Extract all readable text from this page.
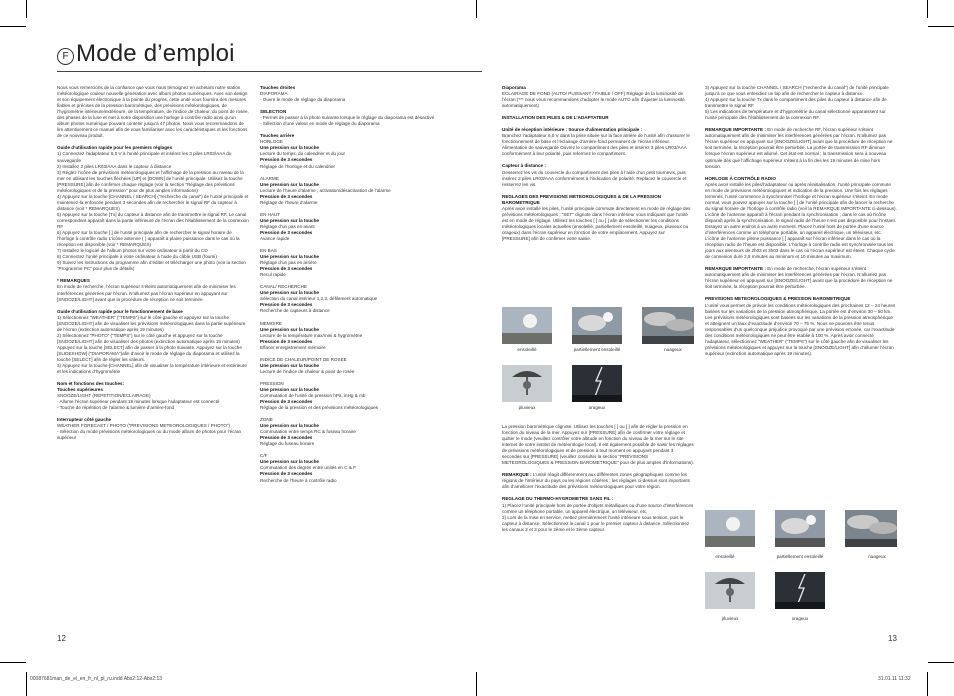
F Mode d’emploi

Nous vous remercions de la confiance que vous nous témoignez en achetant notre station météorologique couleur nouvelle génération avec album photos numériques. Avec son design et son équipement électronique à la pointe du progrès, cette unité vous fournira des mesures fiables et précises de la pression barométrique, des prévisions météorologiques, de l’hygrométrie intérieure/extérieure, de la température, de l’indice de chaleur, du point de rosée, des phases de la lune et met à votre disposition une horloge à contrôle radio ainsi qu’un album photos numérique pouvant contenir jusqu’à 47 photos. Nous vous recommandons de lire attentivement ce manuel afin de vous familiariser avec les caractéristiques et les fonctions de ce nouveau produit.

Guide d’utilisation rapide pour les premiers réglages
1) Connectez l’adaptateur 6,0 V à l’unité principale et insérez les 3 piles LR03/AAA du sauvegarde
2) Installez 2 piles LR03/AAA dans le capteur à distance
3) Réglez l’icône de prévisions météorologiques et l’affichage de la pression au niveau de la mer en utilisant les touches fléchées [UP] et [DOWN] de l’unité principale. Utilisez la touche [PRESSURE] afin de confirmer chaque réglage (voir la section “Réglage des prévisions météorologiques et de la pression” pour de plus amples informations)
4) Appuyez sur la touche [CHANNEL / SEARCH] (“recherche du canal”) de l’unité principale et maintenez-la enfoncée pendant 3 secondes afin de rechercher le signal RF du capteur à distance (voir * REMARQUES)
5) Appuyez sur la touche [Tx] du capteur à distance afin de transmettre le signal RF. Le canal correspondant apparaît dans la partie inférieure de l’écran dès l’établissement de la connexion RF
6) Appuyez sur la touche [ ] de l’unité principale afin de rechercher le signal horaire de l’horloge à contrôle radio L’icône antenne ( ) apparaît à plaine puissance dans le cas où la réception est disponible (voir * REMARQUES)
7) Installez le logiciel de l’album photos sur votre ordinateur à partir du CD
8) Connectez l’unité principale à votre ordinateur à l’aide du câble USB (fourni)
9) Suivez les instructions du programme afin d’éditer et télécharger une photo (voir la section “Programme PC” pour plus de détails)
* REMARQUES

En mode de recherche, l’écran supérieur s’éteint automatiquement afin de minimiser les interférences générées par l’écran. N’allumez pas l’écran supérieur en appuyant sur [SNOOZE/LIGHT] avant que la procédure de réception ne soit terminée.

Guide d’utilisation rapide pour le fonctionnement de base
1) Sélectionnez “WEATHER” (“TEMPS”) sur le côté gauche et appuyez sur la touche [SNOOZE/LIGHT] afin de visualiser les prévisions météorologiques dans la partie supérieure de l’écran (extinction automatique après 19 minutes)
2) Sélectionnez “PHOTO” (“TEMPS”) sur le côté gauche et appuyez sur la touche [SNOOZE/LIGHT] afin de visualiser des photos (extinction automatique après 19 minutes) Appuyez sur la touche [SELECT] afin de passer à la photo suivante. Appuyez sur la touche [SLIDESHOW] (“DIAPORAMA”)afin d’avoir le mode de réglage du diaporama et utilisez la touche [SELECT] afin de régler les valeurs.
3) Appuyez sur la touche [CHANNEL] afin de visualiser la température intérieure et extérieure et les indications d’hygrométrie
Nom et fonctions des touches:
Touches supérieures
SNOOZE/LIGHT (REPETITION/ECLAIRAGE)
- Allume l’écran supérieur pendant 19 minutes lorsque l’adaptateur est connecté
- Touche de répétition de l’alarme & lumière d’arrière-fond
Interrupteur côté gauche
WEATHER FORECAST / PHOTO (“PREVISIONS METEOROLOGIQUES / PHOTO”)
- Sélection du mode prévisions météorologiques ou du mode album de photos pour l’écran supérieur
Touches droites
DIAPORAMA
- Ouvre le mode de réglage du diaporama
SELECTION
- Permet de passer à la photo suivante lorsque le réglage du diaporama est désactivé
- Sélection d’une valeur en mode de réglage du diaporama
Touches arrière
HORLOGE
Une pression sur la touche
Lecture du temps, du calendrier et du jour
Pression de 3 secondes
Réglage de l’horloge et du calendrier
ALARME
Une pression sur la touche
Lecture de l’heure d’alarme ; activation/désactivation de l’alarme
Pression de 3 secondes
Réglage de l’heure d’alarme
EN HAUT
Une pression sur la touche
Réglage d’un pas en avant
Pression de 3 secondes
Avance rapide
EN BAS
Une pression sur la touche
Réglage d’un pas en arrière
Pression de 3 secondes
Recul rapide
CANAL/ RECHERCHE
Une pression sur la touche
Sélection du canal intérieur 1,2,3, défilement automatique
Pression de 3 secondes
Recherche de capteurs à distance
MEMOIRE
Une pression sur la touche
Lecture de la température max/mini & hygrométrie
Pression de 3 secondes
Effacer enregistrement mémoire
INDICE DE CHALEUR/POINT DE ROSEE
Une pression sur la touche
Lecture de l’indice de chaleur & point de rosée
PRESSION
Une pression sur la touche
Commutation de l’unité de pression hPa, inHg & mb
Pression de 3 secondes
Réglage de la pression et des prévisions météorologiques
ZONE
Une pression sur la touche
Commutation entre temps RC & fuseau horaire
Pression de 3 secondes
Réglage du fuseau horaire
C/F
Une pression sur la touche
Commutation des degrés entre unités en C & F
Pression de 3 secondes
Recherche de l’heure à contrôle radio
Diaporama

ECLAIRAGE DE FOND (AUTO/ PUISSANT / FAIBLE / OFF) Réglage de la luminosité de l’écran (*** nous vous recommandons d’adopter le mode AUTO afin d’ajuster la luminosité automatiquement)

INSTALLATION DES PILES & DE L’ADAPTATEUR
Unité de réception intérieure : Source d’alimentation principale :

Branchez l’adaptateur 6,0 V dans la prise située sur la face arrière de l’unité afin d’assurer le fonctionnement de base et l’éclairage d’arrière-fond permanent de l’écran inférieur. Alimentation de sauvegarde Ouvrez le compartiment des piles et insérez 3 piles LR03/AAA conformément à leur polarité, puis refermez le compartiment.

Capteur à distance :

Desserrez les vis du couvercle du compartiment des piles à l’aide d’un petit tournevis, puis insérez 2 piles LR03/AAA conformément à l’indication de polarité. Replacez le couvercle et resserrez les vis.

REGLAGES DES PREVISIONS METEOROLOGIQUES & DE LA PRESSION BAROMETRIQUE

Après avoir installé les piles, l’unité principale commute directement en mode de réglage des prévisions météorologiques ; “SET” clignote dans l’écran inférieur vous indiquant que l’unité est en mode de réglage. Utilisez les touches [ ] ou [ ] afin de sélectionner les conditions météorologiques locales actuelles (ensoleillé, partiellement ensoleillé, nuageux, pluvieux ou orageux) dans l’écran supérieur en fonction de votre emplacement. Appuyez sur [PRESSURE] afin de confirmer votre saisie.

ensoleillé	partiellement ensoleillé	nuageux
pluvieux	orageux

La pression barométrique clignote. Utilisez les touches [ ] ou [ ] afin de régler la pression en fonction du niveau de la mer. Appuyez sur [PRESSURE] afin de confirmer votre réglage et quitter le mode (veuillez contrôler votre altitude en fonction du niveau de la mer sur le site internet de votre institut de météorologie local). Il est également possible de saisir les réglages de prévisions météorologiques et de pression à tout moment en appuyant pendant 3 secondes sur [PRESSURE] (veuillez consulter la section “PREVISIONS METEOROLOGIQUES & PRESSION BAROMETRIQUE” pour de plus amples d’informations).

REMARQUE : L’unité réagit différemment aux différentes zones géographiques comme les régions de l’intérieur du pays ou les régions côtières ; les réglages ci-dessus sont importants afin d’améliorer l’exactitude des prévisions météorologiques pour votre région.
REGLAGE DU THERMO-HYGROMETRE SANS FIL :
1) Placez l’unité principale hors de portée d’objets métalliques ou d’une source d’interférences comme un téléphone portable, un appareil électrique, un téléviseur, etc.
2) Lors de la mise en service, mettez premièrement l’unité intérieure sous tension, puis le capteur à distance. Sélectionnez le canal 1 pour le premier capteur à distance. Sélectionnez les canaux 2 et 3 pour le 2ème et le 3ème capteur.
3) Appuyez sur la touche CHANNEL / SEARCH (“recherche du canal”) de l’unité principale jusqu’à ce que vous entendiez un bip afin de rechercher le capteur à distance.
4) Appuyez sur la touche Tx dans le compartiment des piles du capteur à distance afin de transmettre le signal RF.
5) Les indications de température et d’hygrométrie du canal sélectionné apparaissent sur l’unité principale dès l’établissement de la connexion RF.

REMARQUE IMPORTANTE : En mode de recherche RF, l’écran supérieur s’éteint automatiquement afin de minimiser les interférences générées par l’écran. N’allumez pas l’écran supérieur en appuyant sur [SNOOZE/LIGHT] avant que la procédure de réception ne soit terminée, la réception pourrait être perturbée. La portée de transmission RF diminue lorsque l’écran supérieur est allumé. Cet état est normal ; la transmission sera à nouveau optimale dès que l’affichage supérieur s’éteint à la fin des les 19 minutes de mise hors tension.

HORLOGE À CONTRÔLE RADIO

Après avoir installé les piles/l’adaptateur ou après réinitialisation, l’unité principale commute en mode de prévisions météorologiques et indication de la pression. Une fois les réglages terminés, l’unité commence à synchroniser l’horloge et l’écran supérieur s’éteint. En mode normal, vous pouvez appuyer sur la touche [ ] de l’unité principale afin de lancer la recherche du signal horaire de l’horloge à contrôle radio (voir la REMARQUE IMPORTANTE ci-dessous). L’icône de l’antenne apparaît à l’écran pendant la synchronisation ; dans le cas où l’icône disparaît après la synchronisation, le signal radio de l’heure n’est pas disponible pour l’instant. Essayez un autre endroit à un autre moment. Placez l’unité hors de portée d’une source d’interférences comme un téléphone portable, un appareil électrique, un téléviseur, etc. L’icône de l’antenne pleine puissance [ ] apparaît sur l’écran inférieur dans le cas où la réception radio de l’heure est disponible. L’horloge à contrôle radio est synchronisée tous les jours aux alentours de 2h03 et 3h03 dans le cas où l’écran supérieur est éteint. Chaque cycle de connexion dure 2,5 minutes au minimum et 10 minutes au maximum.

REMARQUE IMPORTANTE : En mode de recherche, l’écran supérieur s’éteint automatiquement afin de minimiser les interférences générées par l’écran. N’allumez pas l’écran supérieur en appuyant sur [SNOOZE/LIGHT] avant que la procédure de réception ne soit terminée, la réception pourrait être perturbée.

PREVISIONS METEOROLOGIQUES & PRESSION BAROMETRIQUE

L’unité vous permet de prévoir les conditions météorologiques des prochaines 12 – 24 heures basées sur les variations de la pression atmosphérique. La portée est d’environ 30 – 50 km. Les prévisions météorologiques sont basées sur les variations de la pression atmosphérique et atteignent un taux d’exactitude d’environ 70 – 75 %. Nous ne pouvons être tenus responsables d’un quelconque préjudice provoqué par une prévision erronée, car l’exactitude des conditions météorologiques ne peut être établie à 100 %. Après avoir connecté l’adaptateur, sélectionnez “WEATHER” (“TEMPS”) sur le côté gauche afin de visualiser les prévisions météorologiques et appuyez sur la touche [SNOOZE/LIGHT] afin d’allumer l’écran supérieur (extinction automatique après 19 minutes).

ensoleillé	partiellement ensoleillé	nuageux
pluvieux	orageux
12	13
00087681man_de_el_en_fr_nl_pl_ru.indd Abs2:12-Abs2:13	31.01.11 11:32
